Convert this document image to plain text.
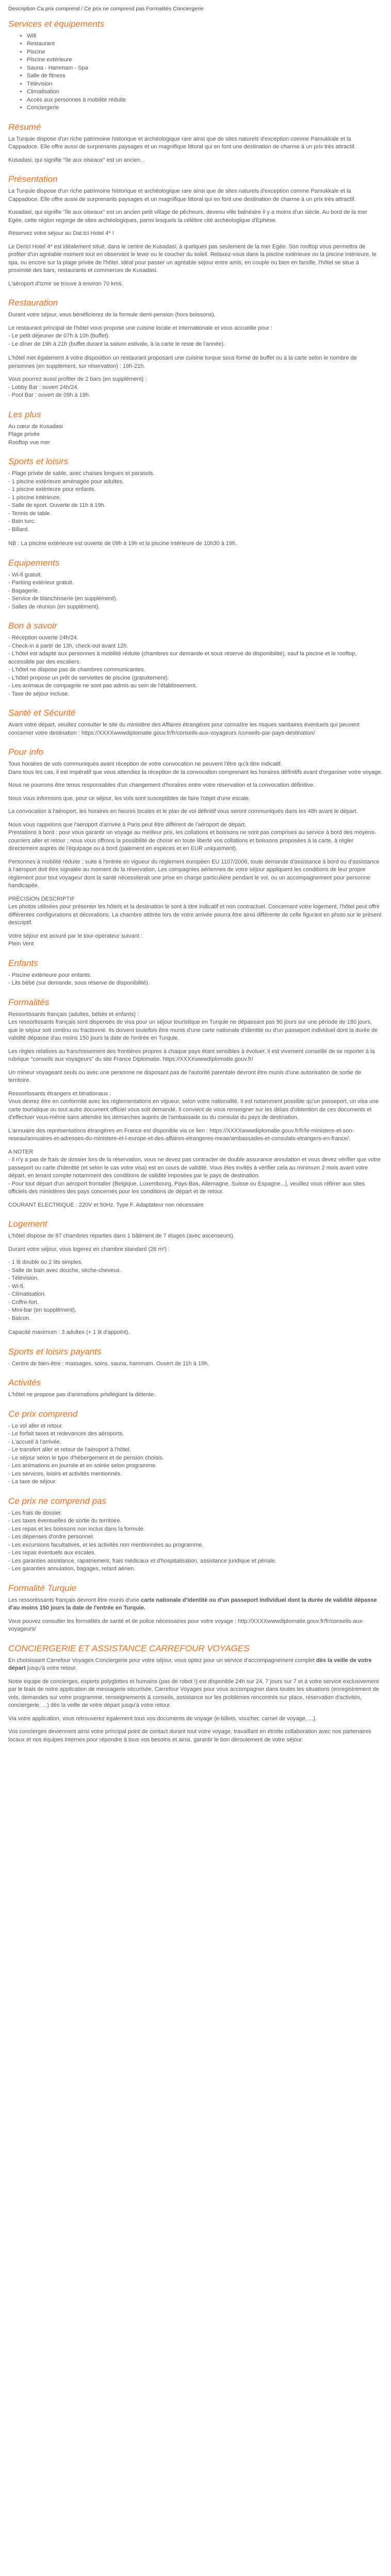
Description Ca prix comprend / Ce prix ne comprend pas Formalités Conciergerie
Services et équipements
• Wifi
• Restaurant
• Piscine
• Piscine extérieure
• Sauna - Hammam - Spa
• Salle de fitness
• Télévision
• Climatisation
• Accès aux personnes à mobilité réduite
• Conciergerie
Résumé

La Turquie dispose d'un riche patrimoine historique et archéologique rare ainsi que de sites naturels d'exception comme Pamukkale et la Cappadoce. Elle offre aussi de surprenants paysages et un magnifique littoral qui en font une destination de charme à un prix très attractif.

Kusadasi, qui signifie "île aux oiseaux" est un ancien...

Présentation

La Turquie dispose d'un riche patrimoine historique et archéologique rare ainsi que de sites naturels d'exception comme Pamukkale et la Cappadoce. Elle offre aussi de surprenants paysages et un magnifique littoral qui en font une destination de charme à un prix très attractif.

Kusadasi, qui signifie "île aux oiseaux" est un ancien petit village de pêcheurs, devenu ville balnéaire il y a moins d'un siècle. Au bord de la mer Egée, cette région regorge de sites archéologiques, parmi lesquels la célèbre cité archéologique d'Ephèse.

Réservez votre séjour au Dat.tci Hotel 4* !

Le Dericl Hotel 4* est idéalement situé, dans le centre de Kusadasi, à quelques pas seulement de la mer Egée. Son rooftop vous permettra de profiter d'un agréable moment tout en observant le lever ou le coucher du soleil. Relaxez-vous dans la piscine extérieure ou la piscine intérieure, le spa, ou encore sur la plage privée de l'hôtel. Idéal pour passer un agréable séjour entre amis, en couple ou bien en famille, l'hôtel se situe à proximité des bars, restaurants et commerces de Kusadasi.

L'aéroport d'Izmir se trouve à environ 70 kms.

Restauration

Durant votre séjour, vous bénéficierez de la formule demi-pension (hors boissons).

Le restaurant principal de l'hôtel vous propose une cuisine locale et internationale et vous accueille pour :

- Le petit déjeuner de 07h à 10h (buffet).

- Le dîner de 19h à 21h (buffet durant la saison estivale, à la carte le reste de l'année).

L'hôtel met également à votre disposition un restaurant proposant une cuisine turque sous forme de buffet ou à la carte selon le nombre de personnes (en supplément, sur réservation) : 19h-21h.

Vous pourrez aussi profiter de 2 bars (en supplément) :

- Lobby Bar : ouvert 24h/24.

- Pool Bar : ouvert de 09h à 19h.

Les plus

Au cœur de Kusadasi

Plage privée

Rooftop vue mer

Sports et loisirs

- Plage privée de sable, avec chaises longues et parasols.

- 1 piscine extérieure aménagée pour adultes.

- 1 piscine extérieure pour enfants.

- 1 piscine intérieure.

- Salle de sport. Ouverte de 11h à 19h.

- Tennis de table.

- Bain turc.

- Billard.

NB : La piscine extérieure est ouverte de 09h à 19h et la piscine intérieure de 10h30 à 19h.

Equipements

- Wi-fi gratuit.

- Parking extérieur gratuit.

- Bagagerie.

- Service de blanchisserie (en supplément).

- Salles de réunion (en supplément).

Bon à savoir

- Réception ouverte 24h/24.

- Check-in à partir de 13h, check-out avant 12h.

- L'hôtel est adapté aux personnes à mobilité réduite (chambres sur demande et sous réserve de disponibilité), sauf la piscine et le rooftop, accessible par des escaliers.

- L'hôtel ne dispose pas de chambres communicantes.

- L'hôtel propose un prêt de serviettes de piscine (gratuitement).

- Les animaux de compagnie ne sont pas admis au sein de l'établissement.

- Taxe de séjour incluse.

Santé et Sécurité

Avant votre départ, veuillez consulter le site du ministère des Affaires étrangères pour connaître les risques sanitaires éventuels qui peuvent concerner votre destination : https://XXXXwwwdiplomatie.gouv.fr/fr/conseils-aux-voyageurs /conseils-par-pays-destination/

Pour info

Tous horaires de vols communiqués avant réception de votre convocation ne peuvent l'être qu'à titre indicatif.

Dans tous les cas, il est impératif que vous attendiez la réception de la convocation comprenant les horaires définitifs avant d'organiser votre voyage.

Nous ne pourrons être tenus responsables d'un changement d'horaires entre votre réservation et la convocation définitive.

Nous vous informons que, pour ce séjour, les vols sont susceptibles de faire l'objet d'une escale.

La convocation à l'aéroport, les horaires en heures locales et le plan de vol définitif vous seront communiqués dans les 48h avant le départ.

Nous vous rappelons que l'aéroport d'arrivée à Paris peut être différent de l'aéroport de départ.

Prestations à bord : pour vous garantir un voyage au meilleur prix, les collations et boissons ne sont pas comprises au service à bord des moyens-courriers aller et retour ; nous vous offrons la possibilité de choisir en toute liberté vos collations et boissons proposées à la carte, à régler directement auprès de l'équipage ou à bord (paiement en espèces et en EUR uniquement).

Personnes à mobilité réduite : suite à l'entrée en vigueur du règlement européen EU 1107/2006, toute demande d'assistance à bord ou d'assistance à l'aéroport doit être signalée au moment de la réservation. Les compagnies aériennes de votre séjour appliquent les conditions de leur propre règlement pour tout voyageur dont la santé nécessiterait une prise en charge particulière pendant le vol, ou un accompagnement pour personne handicapée.

PRÉCISION DESCRIPTIF

Les photos utilisées pour présenter les hôtels et la destination le sont à titre indicatif et non contractuel. Concernant votre logement, l'hôtel peut offrir différentes configurations et décorations. La chambre attitrée lors de votre arrivée pourra être ainsi différente de celle figurant en photo sur le présent descriptif.

Votre séjour est assuré par le tour-opérateur suivant :

Plein Vent

Enfants

- Piscine extérieure pour enfants.

- Lits bébé (sur demande, sous réserve de disponibilité).

Formalités

Ressortissants français (adultes, bébés et enfants) :

Les ressortissants français sont dispensés de visa pour un séjour touristique en Turquie ne dépassant pas 90 jours sur une période de 180 jours, que le séjour soit continu ou fractionné. Ils doivent toutefois être munis d'une carte nationale d'identité ou d'un passeport individuel dont la durée de validité dépasse d'au moins 150 jours la date de l'entrée en Turquie.

Les règles relatives au franchissement des frontières propres à chaque pays étant sensibles à évoluer, il est vivement conseillé de se reporter à la rubrique "conseils aux voyageurs" du site France Diplomatie. https://XXXXwwwdiplomatie.gouv.fr/

Un mineur voyageant seuls ou avec une personne ne disposant pas de l'autorité parentale devront être munis d'une autorisation de sortie de territoire.

Ressortissants étrangers et binationaux :

Vous devrez être en conformité avec les réglementations en vigueur, selon votre nationalité. Il est notamment possible qu'un passeport, un visa une carte touristique ou tout autre document officiel vous soit demandé. Il convient de vous renseigner sur les délais d'obtention de ces documents et d'effectuer vous-même sans attendre les démarches auprès de l'ambassade ou du consulat du pays de destination.

L'annuaire des représentations étrangères en France est disponible via ce lien : https://XXXXwwwdiplomatie.gouv.fr/fr/le-ministere-et-son-reseau/annuaires-et-adresses-du-ministere-et-l-europe-et-des-affaires-etrangeres-meae/ambassades-et-consulats-etrangers-en-france/.

A NOTER

- Il n'y a pas de frais de dossier lors de la réservation, vous ne devez pas contracter de double assurance annulation et vous devez vérifier que votre passeport ou carte d'identité (et selon le cas votre visa) est en cours de validité. Vous êtes invités à vérifier cela au minimum 2 mois avant votre départ, en tenant compte notamment des conditions de validité imposées par le pays de destination.

- Pour tout départ d'un aéroport frontalier (Belgique, Luxembourg, Pays-Bas, Allemagne, Suisse ou Espagne...), veuillez vous référer aux sites officiels des ministères des pays concernés pour les conditions de départ et de retour.

COURANT ELECTRIQUE : 220V et 50Hz. Type F. Adaptateur non nécessaire

Logement

L'hôtel dispose de 87 chambres réparties dans 1 bâtiment de 7 étages (avec ascenseurs).

Durant votre séjour, vous logerez en chambre standard (26 m²) :

- 1 lit double ou 2 lits simples.

- Salle de bain avec douche, sèche-cheveux.

- Télévision.

- Wi-fi.

- Climatisation.

- Coffre-fort.

- Mini-bar (en supplément).

- Balcon.

Capacité maximum : 3 adultes (+ 1 lit d'appoint).

Sports et loisirs payants

- Centre de bien-être : massages, soins, sauna, hammam. Ouvert de 11h à 19h.

Activités

L'hôtel ne propose pas d'animations privilégiant la détente.

Ce prix comprend

- Le vol aller et retour.

- Le forfait taxes et redevances des aéroports.

- L'accueil à l'arrivée.

- Le transfert aller et retour de l'aéroport à l'hôtel.

- Le séjour selon le type d'hébergement et de pension choisis.

- Les animations en journée et en soirée selon programme.

- Les services, loisirs et activités mentionnés.

- La taxe de séjour.

Ce prix ne comprend pas

- Les frais de dossier.

- Les taxes éventuelles de sortie du territoire.

- Les repas et les boissons non inclus dans la formule.

- Les dépenses d'ordre personnel.

- Les excursions facultatives, et les activités non mentionnées au programme.

- Les repas éventuels aux escales.

- Les garanties assistance, rapatriement, frais médicaux et d'hospitalisation, assistance juridique et pénale.

- Les garanties annulation, bagages, retard aérien.

Formalité Turquie

Les ressortissants français devront être munis d'une carte nationale d'identité ou d'un passeport individuel dont la durée de validité dépasse d'au moins 150 jours la date de l'entrée en Turquie.

Vous pouvez consulter les formalités de santé et de police nécessaires pour votre voyage : http://XXXXwwwdiplomatie.gouv.fr/fr/conseils-aux-voyageurs/

CONCIERGERIE ET ASSISTANCE CARREFOUR VOYAGES

En choisissant Carrefour Voyages Conciergerie pour votre séjour, vous optez pour un service d'accompagnement complet dès la veille de votre départ jusqu'à votre retour.

Notre équipe de concierges, experts polyglottes et humains (pas de robot !) est disponible 24h sur 24, 7 jours sur 7 et à votre service exclusivement par le biais de notre application de messagerie sécurisée, Carrefour Voyages pour vous accompagner dans toutes les situations (enregistrement de vols, demandes sur votre programme, renseignements & conseils, assistance sur les problèmes rencontrés sur place, réservation d'activités, conciergerie, ...) dès la veille de votre départ jusqu'à votre retour.

Via votre application, vous retrouverez également tous vos documents de voyage (e-billets, voucher, carnet de voyage, ...).

Vos concierges deviennent ainsi votre principal point de contact durant tout votre voyage, travaillant en étroite collaboration avec nos partenaires locaux et nos équipes internes pour répondre à tous vos besoins et ainsi, garantir le bon déroulement de votre séjour.
